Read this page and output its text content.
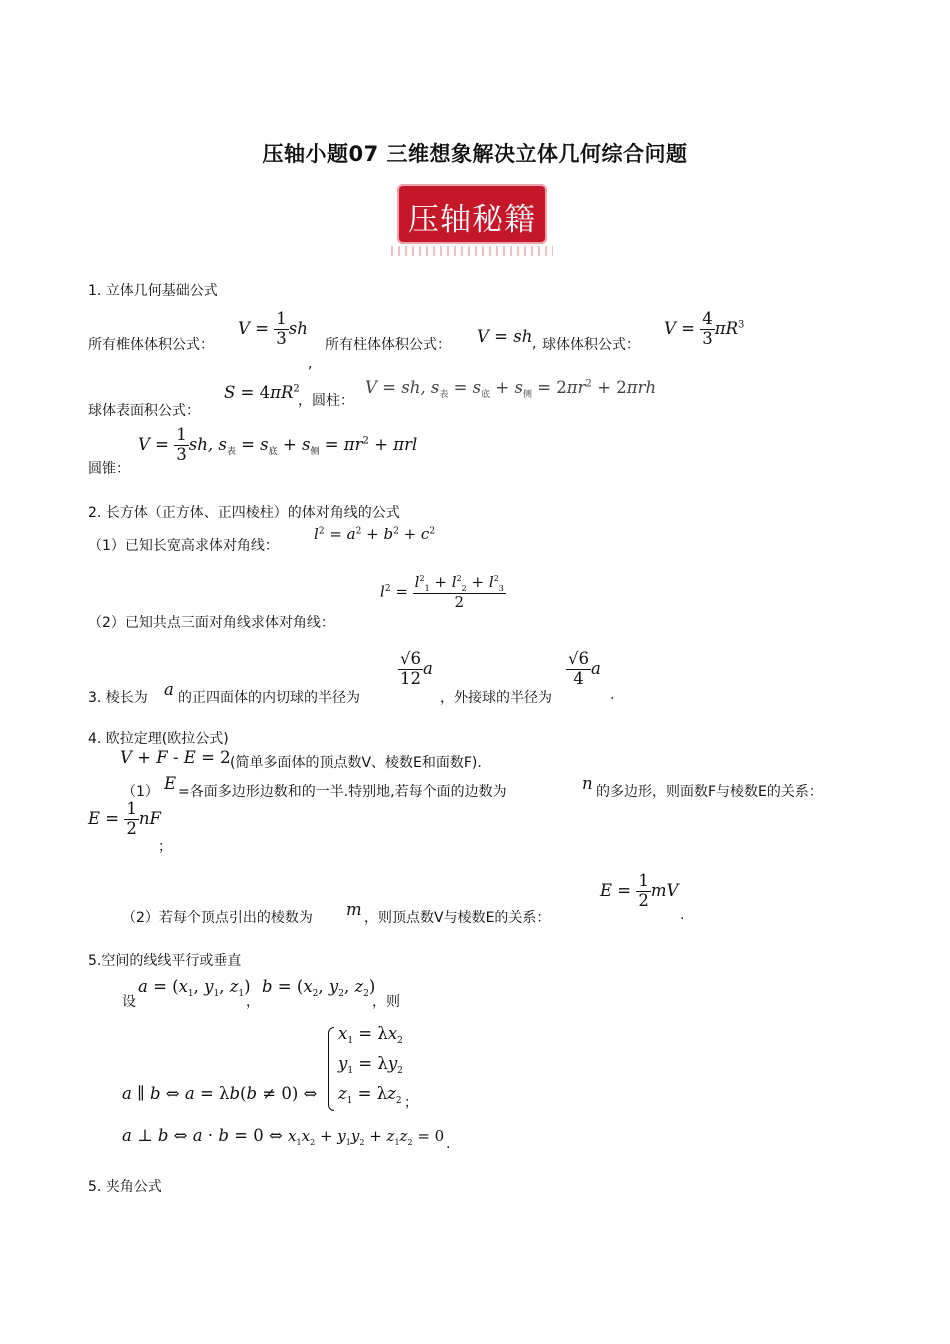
压轴小题07 三维想象解决立体几何综合问题
压轴秘籍
1. 立体几何基础公式
所有椎体体积公式：
$V = \frac{1}{3}$ sh
,
所有柱体体积公式： V = sh , 球体体积公式：
$V = \frac{4}{3} \pi R^3$
球体表面积公式：
$S = 4\pi R^2$
，圆柱：
V = sh, $s_表 = s_底 + s_侧 = 2\pi r^2 + 2\pi rh$
圆锥：
$V = \frac{1}{3}$ sh, $s_表 = s_底 + s_侧 = \pi r^2 + \pi rl$
2. 长方体（正方体、正四棱柱）的体对角线的公式
（1）已知长宽高求体对角线：
$l^2 = a^2 + b^2 + c^2$
（2）已知共点三面对角线求体对角线：
$l^2 = \frac{l^2_1 + l^2_2 + l^2_3}{2}$
3. 棱长为 a 的正四面体的内切球的半径为
$\frac{√6}{12}$ a
，外接球的半径为
$\frac{√6}{4}$ a
.
4. 欧拉定理(欧拉公式)
V + F - E = 2 (简单多面体的顶点数V、棱数E和面数F).
（1） E =各面多边形边数和的一半.特别地,若每个面的边数为	n 的多边形，则面数F与棱数E的关系：
$E = \frac{1}{2}$ nF
；
（2）若每个顶点引出的棱数为 m ，则顶点数V与棱数E的关系：
$E = \frac{1}{2}$ mV
.
5.空间的线线平行或垂直
设
$a = (x_1$, $y_1$, $z_1$)
，
$b = (x_2$, $y_2$, $z_2$)
，则
$x_1 = \lambda x_2$
$y_1 = \lambda y_2$
$z_1 = \lambda z_2$ ；
a ∥ b ⇔ a = λb(b ≠ 0) ⇔
a ⊥ b ⇔ a · b = 0 ⇔ $x_1x_2 + y_1y_2 + z_1z_2 = 0$ .
5. 夹角公式
